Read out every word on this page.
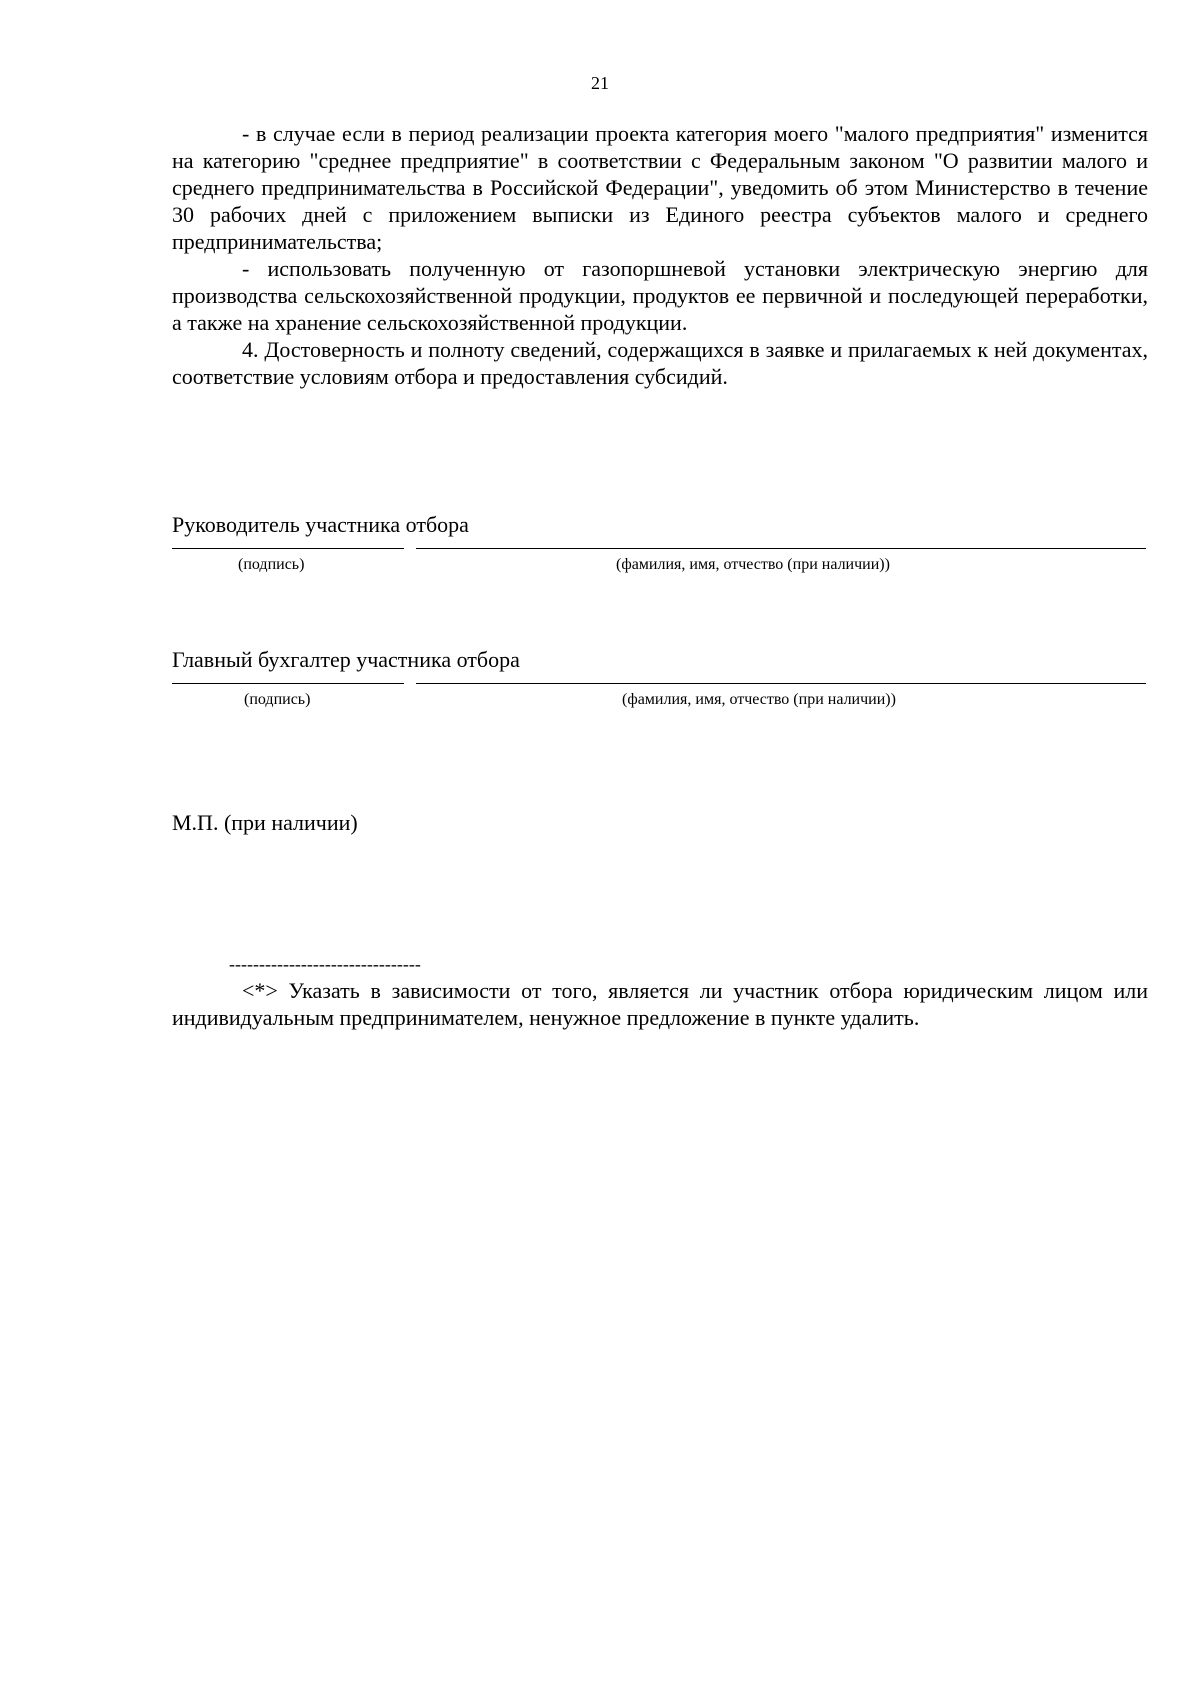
21

- в случае если в период реализации проекта категория моего "малого предприятия" изменится на категорию "среднее предприятие" в соответствии с Федеральным законом "О развитии малого и среднего предпринимательства в Российской Федерации", уведомить об этом Министерство в течение 30 рабочих дней с приложением выписки из Единого реестра субъектов малого и среднего предпринимательства;

- использовать полученную от газопоршневой установки электрическую энергию для производства сельскохозяйственной продукции, продуктов ее первичной и последующей переработки, а также на хранение сельскохозяйственной продукции.

4. Достоверность и полноту сведений, содержащихся в заявке и прилагаемых к ней документах, соответствие условиям отбора и предоставления субсидий.

Руководитель участника отбора

(подпись)	(фамилия, имя, отчество (при наличии))

Главный бухгалтер участника отбора

(подпись)	(фамилия, имя, отчество (при наличии))
М.П. (при наличии)
--------------------------------

<*> Указать в зависимости от того, является ли участник отбора юридическим лицом или индивидуальным предпринимателем, ненужное предложение в пункте удалить.
